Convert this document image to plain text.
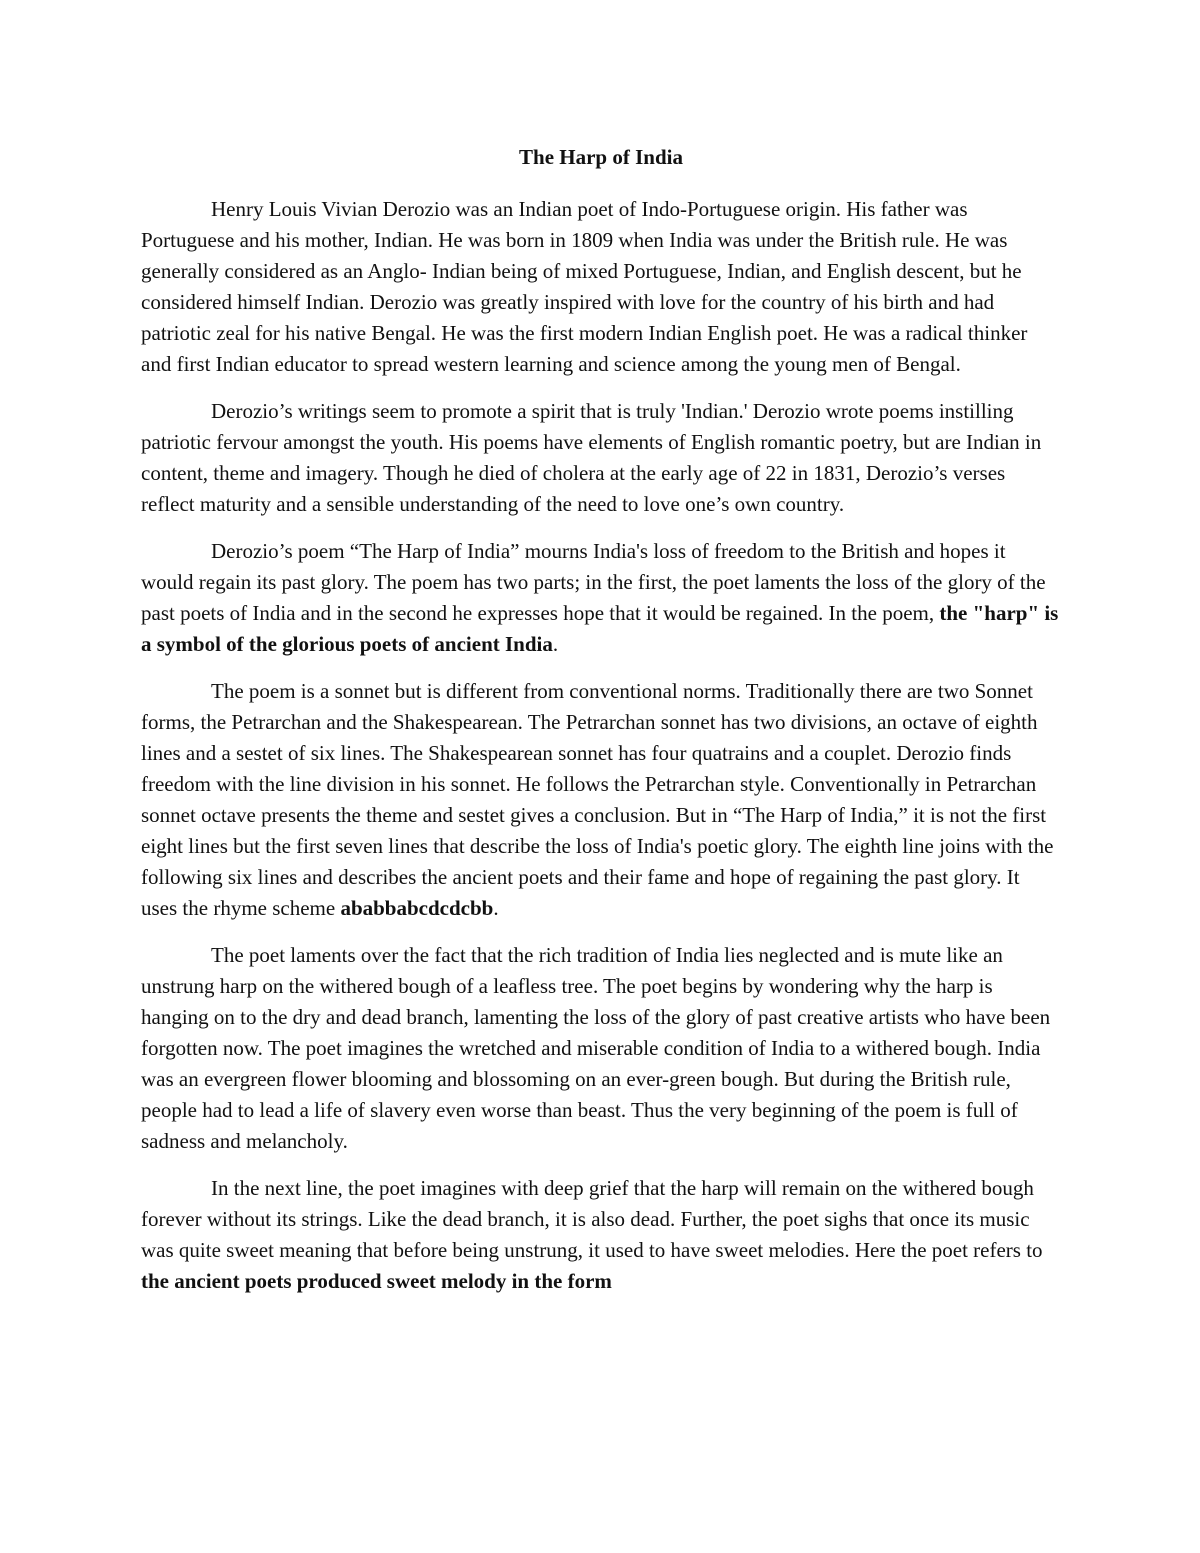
The Harp of India

Henry Louis Vivian Derozio was an Indian poet of Indo-Portuguese origin. His father was Portuguese and his mother, Indian. He was born in 1809 when India was under the British rule. He was generally considered as an Anglo- Indian being of mixed Portuguese, Indian, and English descent, but he considered himself Indian. Derozio was greatly inspired with love for the country of his birth and had patriotic zeal for his native Bengal. He was the first modern Indian English poet. He was a radical thinker and first Indian educator to spread western learning and science among the young men of Bengal.

Derozio’s writings seem to promote a spirit that is truly 'Indian.' Derozio wrote poems instilling patriotic fervour amongst the youth. His poems have elements of English romantic poetry, but are Indian in content, theme and imagery. Though he died of cholera at the early age of 22 in 1831, Derozio’s verses reflect maturity and a sensible understanding of the need to love one’s own country.

Derozio’s poem “The Harp of India” mourns India's loss of freedom to the British and hopes it would regain its past glory. The poem has two parts; in the first, the poet laments the loss of the glory of the past poets of India and in the second he expresses hope that it would be regained. In the poem, the "harp" is a symbol of the glorious poets of ancient India.

The poem is a sonnet but is different from conventional norms. Traditionally there are two Sonnet forms, the Petrarchan and the Shakespearean. The Petrarchan sonnet has two divisions, an octave of eighth lines and a sestet of six lines. The Shakespearean sonnet has four quatrains and a couplet. Derozio finds freedom with the line division in his sonnet. He follows the Petrarchan style. Conventionally in Petrarchan sonnet octave presents the theme and sestet gives a conclusion. But in “The Harp of India,” it is not the first eight lines but the first seven lines that describe the loss of India's poetic glory. The eighth line joins with the following six lines and describes the ancient poets and their fame and hope of regaining the past glory. It uses the rhyme scheme ababbabcdcdcbb.

The poet laments over the fact that the rich tradition of India lies neglected and is mute like an unstrung harp on the withered bough of a leafless tree. The poet begins by wondering why the harp is hanging on to the dry and dead branch, lamenting the loss of the glory of past creative artists who have been forgotten now. The poet imagines the wretched and miserable condition of India to a withered bough. India was an evergreen flower blooming and blossoming on an ever-green bough. But during the British rule, people had to lead a life of slavery even worse than beast. Thus the very beginning of the poem is full of sadness and melancholy.

In the next line, the poet imagines with deep grief that the harp will remain on the withered bough forever without its strings. Like the dead branch, it is also dead. Further, the poet sighs that once its music was quite sweet meaning that before being unstrung, it used to have sweet melodies. Here the poet refers to the ancient poets produced sweet melody in the form
